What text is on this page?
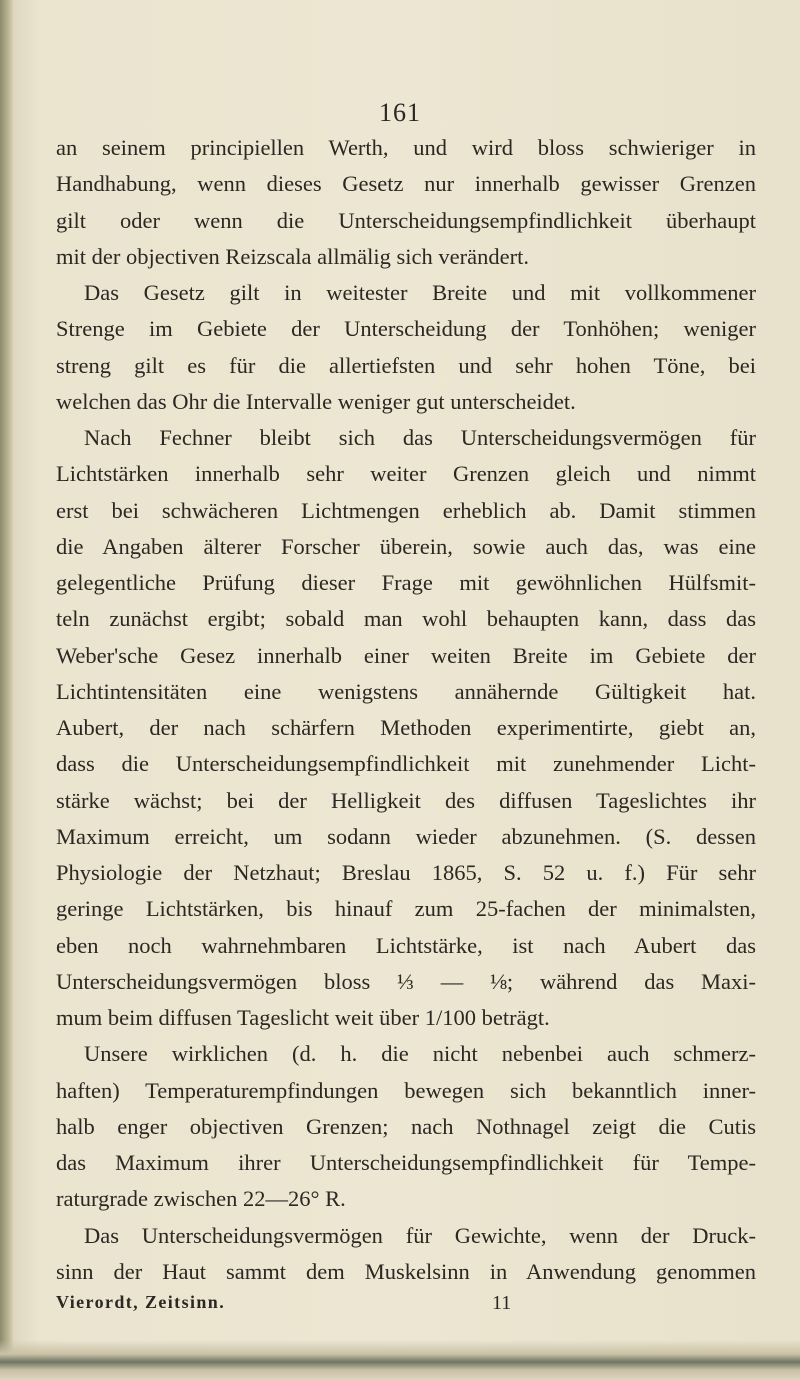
161
an seinem principiellen Werth, und wird bloss schwieriger in
Handhabung, wenn dieses Gesetz nur innerhalb gewisser Grenzen
gilt oder wenn die Unterscheidungsempfindlichkeit überhaupt
mit der objectiven Reizscala allmälig sich verändert.
Das Gesetz gilt in weitester Breite und mit vollkommener
Strenge im Gebiete der Unterscheidung der Tonhöhen; weniger
streng gilt es für die allertiefsten und sehr hohen Töne, bei
welchen das Ohr die Intervalle weniger gut unterscheidet.
Nach Fechner bleibt sich das Unterscheidungsvermögen für
Lichtstärken innerhalb sehr weiter Grenzen gleich und nimmt
erst bei schwächeren Lichtmengen erheblich ab. Damit stimmen
die Angaben älterer Forscher überein, sowie auch das, was eine
gelegentliche Prüfung dieser Frage mit gewöhnlichen Hülfsmit-
teln zunächst ergibt; sobald man wohl behaupten kann, dass das
Weber'sche Gesez innerhalb einer weiten Breite im Gebiete der
Lichtintensitäten eine wenigstens annähernde Gültigkeit hat.
Aubert, der nach schärfern Methoden experimentirte, giebt an,
dass die Unterscheidungsempfindlichkeit mit zunehmender Licht-
stärke wächst; bei der Helligkeit des diffusen Tageslichtes ihr
Maximum erreicht, um sodann wieder abzunehmen. (S. dessen
Physiologie der Netzhaut; Breslau 1865, S. 52 u. f.) Für sehr
geringe Lichtstärken, bis hinauf zum 25-fachen der minimalsten,
eben noch wahrnehmbaren Lichtstärke, ist nach Aubert das
Unterscheidungsvermögen bloss ⅓ — ⅛; während das Maxi-
mum beim diffusen Tageslicht weit über 1/100 beträgt.
Unsere wirklichen (d. h. die nicht nebenbei auch schmerz-
haften) Temperaturempfindungen bewegen sich bekanntlich inner-
halb enger objectiven Grenzen; nach Nothnagel zeigt die Cutis
das Maximum ihrer Unterscheidungsempfindlichkeit für Tempe-
raturgrade zwischen 22—26° R.
Das Unterscheidungsvermögen für Gewichte, wenn der Druck-
sinn der Haut sammt dem Muskelsinn in Anwendung genommen
Vierordt, Zeitsinn.	11
